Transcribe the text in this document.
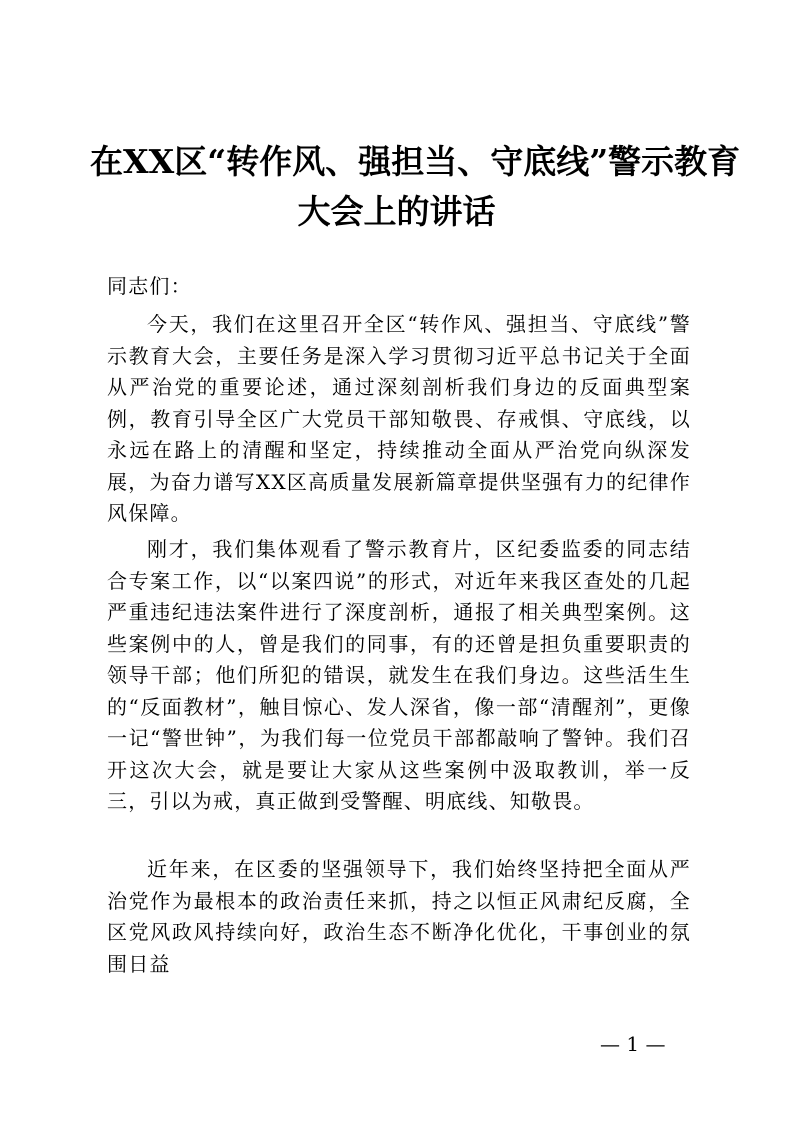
在XX区“转作风、强担当、守底线”警示教育
大会上的讲话
同志们：

今天，我们在这里召开全区“转作风、强担当、守底线”警示教育大会，主要任务是深入学习贯彻习近平总书记关于全面从严治党的重要论述，通过深刻剖析我们身边的反面典型案例，教育引导全区广大党员干部知敬畏、存戒惧、守底线，以永远在路上的清醒和坚定，持续推动全面从严治党向纵深发展，为奋力谱写XX区高质量发展新篇章提供坚强有力的纪律作风保障。

刚才，我们集体观看了警示教育片，区纪委监委的同志结合专案工作，以“以案四说”的形式，对近年来我区查处的几起严重违纪违法案件进行了深度剖析，通报了相关典型案例。这些案例中的人，曾是我们的同事，有的还曾是担负重要职责的领导干部；他们所犯的错误，就发生在我们身边。这些活生生的“反面教材”，触目惊心、发人深省，像一部“清醒剂”，更像一记“警世钟”，为我们每一位党员干部都敲响了警钟。我们召开这次大会，就是要让大家从这些案例中汲取教训，举一反三，引以为戒，真正做到受警醒、明底线、知敬畏。

近年来，在区委的坚强领导下，我们始终坚持把全面从严治党作为最根本的政治责任来抓，持之以恒正风肃纪反腐，全区党风政风持续向好，政治生态不断净化优化，干事创业的氛围日益

— 1 —
